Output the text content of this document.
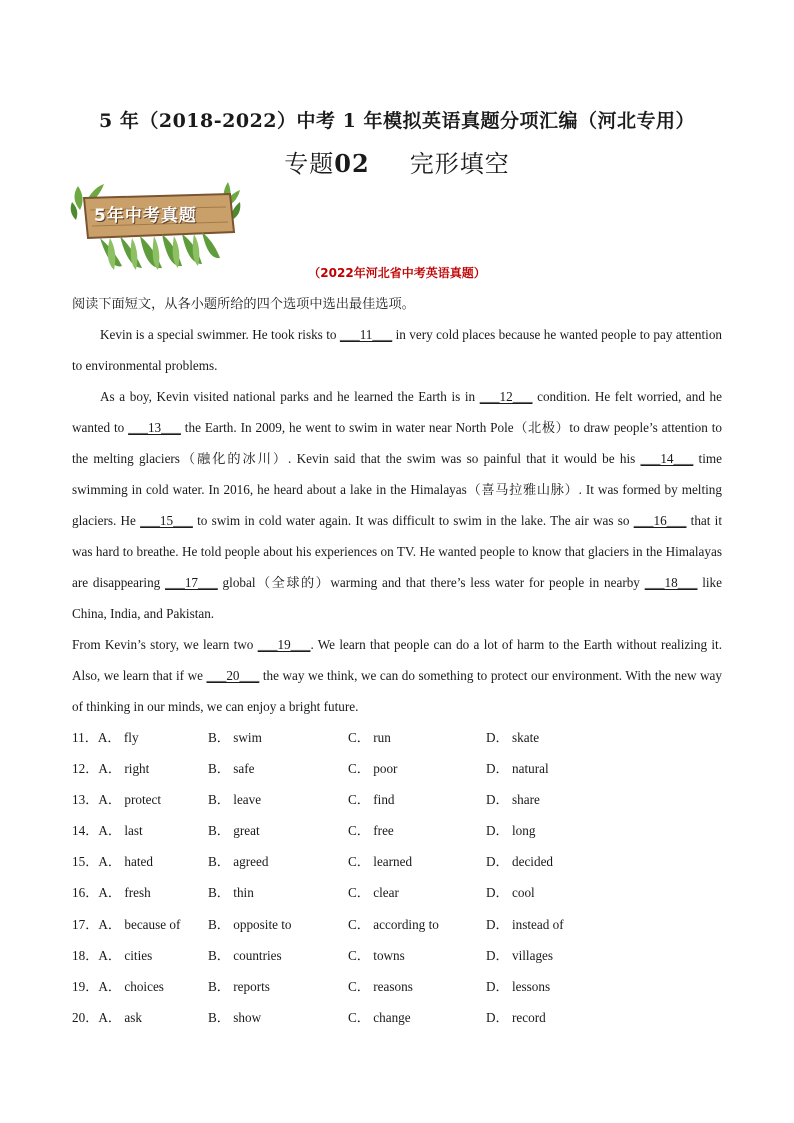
5 年（2018-2022）中考 1 年模拟英语真题分项汇编（河北专用）
专题02 完形填空
5年中考真题
（2022年河北省中考英语真题）

阅读下面短文，从各小题所给的四个选项中选出最佳选项。

Kevin is a special swimmer. He took risks to ___11___ in very cold places because he wanted people to pay attention to environmental problems.

As a boy, Kevin visited national parks and he learned the Earth is in ___12___ condition. He felt worried, and he wanted to ___13___ the Earth. In 2009, he went to swim in water near North Pole（北极）to draw people’s attention to the melting glaciers（融化的冰川）. Kevin said that the swim was so painful that it would be his ___14___ time swimming in cold water. In 2016, he heard about a lake in the Himalayas（喜马拉雅山脉）. It was formed by melting glaciers. He ___15___ to swim in cold water again. It was difficult to swim in the lake. The air was so ___16___ that it was hard to breathe. He told people about his experiences on TV. He wanted people to know that glaciers in the Himalayas are disappearing ___17___ global（全球的）warming and that there’s less water for people in nearby ___18___ like China, India, and Pakistan.

From Kevin’s story, we learn two ___19___. We learn that people can do a lot of harm to the Earth without realizing it. Also, we learn that if we ___20___ the way we think, we can do something to protect our environment. With the new way of thinking in our minds, we can enjoy a bright future.

11．A． fly	B． swim	C． run	D． skate
12．A． right	B． safe	C． poor	D． natural
13．A． protect	B． leave	C． find	D． share
14．A． last	B． great	C． free	D． long
15．A． hated	B． agreed	C． learned	D． decided
16．A． fresh	B． thin	C． clear	D． cool
17．A． because of B． opposite to	C． according to	D． instead of
18．A． cities	B． countries	C． towns	D． villages
19．A． choices	B． reports	C． reasons	D． lessons
20．A． ask	B． show	C． change	D． record
